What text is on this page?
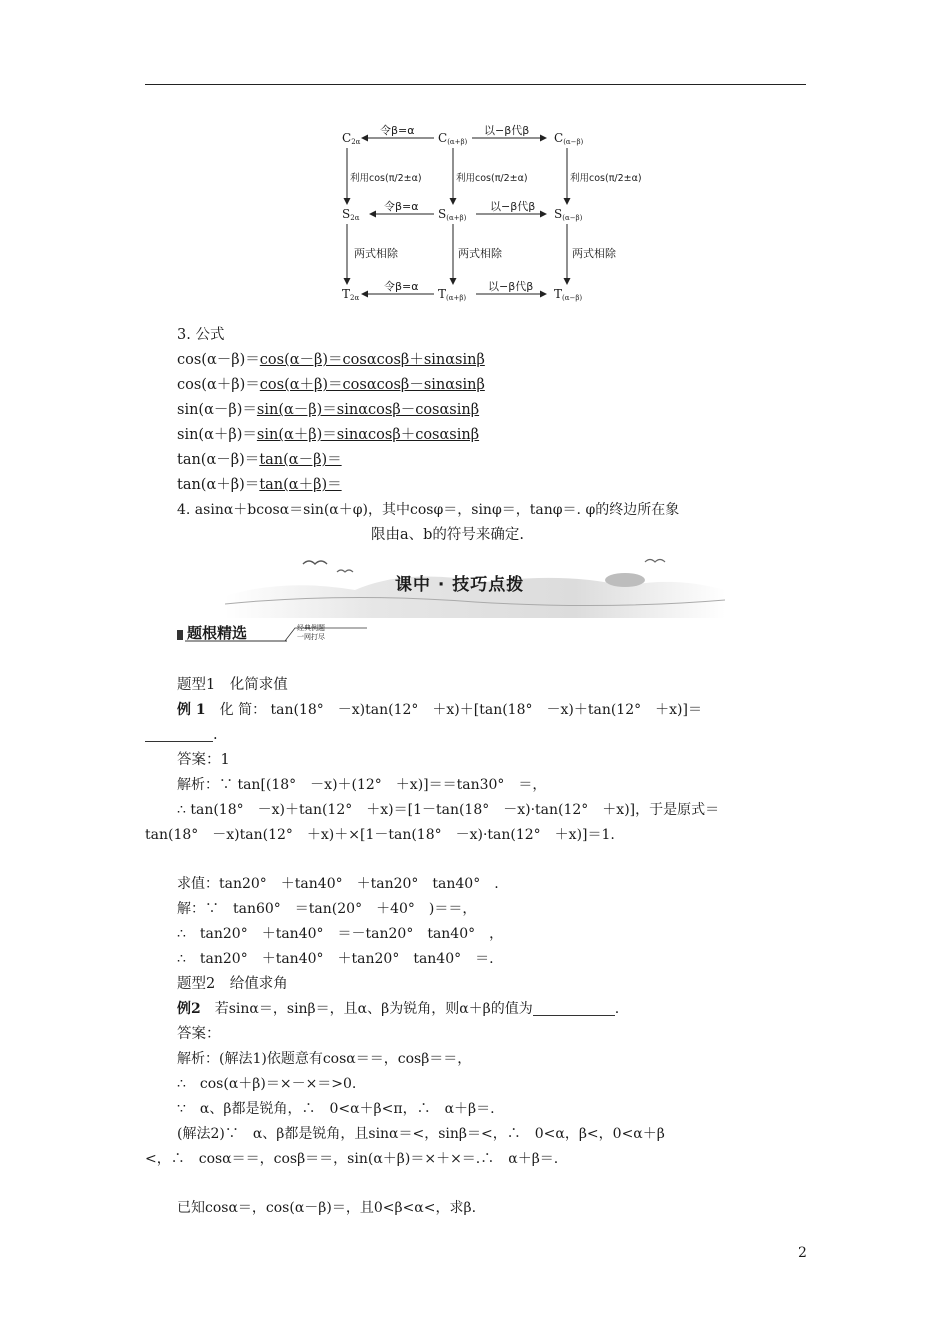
$C_{2\alpha}$	$C_{(\alpha+\beta)}$	$C_{(\alpha-\beta)}$
$S_{2\alpha}$	$S_{(\alpha+\beta)}$	$S_{(\alpha-\beta)}$
$T_{2\alpha}$	$T_{(\alpha+\beta)}$	$T_{(\alpha-\beta)}$
令β=α	以−β代β
令β=α	以−β代β
令β=α	以−β代β
利用cos(π/2±α)	利用cos(π/2±α)	利用cos(π/2±α)
两式相除	两式相除	两式相除
3. 公式
cos(α－β)＝cos(α－β)＝cosαcosβ＋sinαsinβ
cos(α＋β)＝cos(α＋β)＝cosαcosβ－sinαsinβ
sin(α－β)＝sin(α－β)＝sinαcosβ－cosαsinβ
sin(α＋β)＝sin(α＋β)＝sinαcosβ＋cosαsinβ
tan(α－β)＝tan(α－β)＝
tan(α＋β)＝tan(α＋β)＝
4. asinα＋bcosα＝sin(α＋φ)，其中cosφ＝，sinφ＝，tanφ＝. φ的终边所在象
限由a、b的符号来确定.
课中 · 技巧点拨
题根精选	经典例题
一网打尽
题型1　化简求值
例 1　化 简： tan(18°　－x)tan(12°　＋x)＋[tan(18°　－x)＋tan(12°　＋x)]＝
.
答案：1
解析：∵ tan[(18°　－x)＋(12°　＋x)]＝＝tan30°　＝，
∴ tan(18°　－x)＋tan(12°　＋x)＝[1－tan(18°　－x)·tan(12°　＋x)]，于是原式＝
tan(18°　－x)tan(12°　＋x)＋×[1－tan(18°　－x)·tan(12°　＋x)]＝1.
求值：tan20°　＋tan40°　＋tan20°　tan40°　.
解：∵　tan60°　＝tan(20°　＋40°　)＝＝，
∴　tan20°　＋tan40°　＝－tan20°　tan40°　，
∴　tan20°　＋tan40°　＋tan20°　tan40°　＝.
题型2　给值求角
例2　若sinα＝，sinβ＝，且α、β为锐角，则α＋β的值为	.
答案：
解析：(解法1)依题意有cosα＝＝，cosβ＝＝，
∴　cos(α＋β)＝×－×＝>0.
∵　α、β都是锐角，∴　0<α＋β<π，∴　α＋β＝.
(解法2)∵　α、β都是锐角，且sinα＝<，sinβ＝<，∴　0<α，β<，0<α＋β
<，∴　cosα＝＝，cosβ＝＝，sin(α＋β)＝×＋×＝.∴　α＋β＝.
已知cosα＝，cos(α－β)＝，且0<β<α<，求β.
2
